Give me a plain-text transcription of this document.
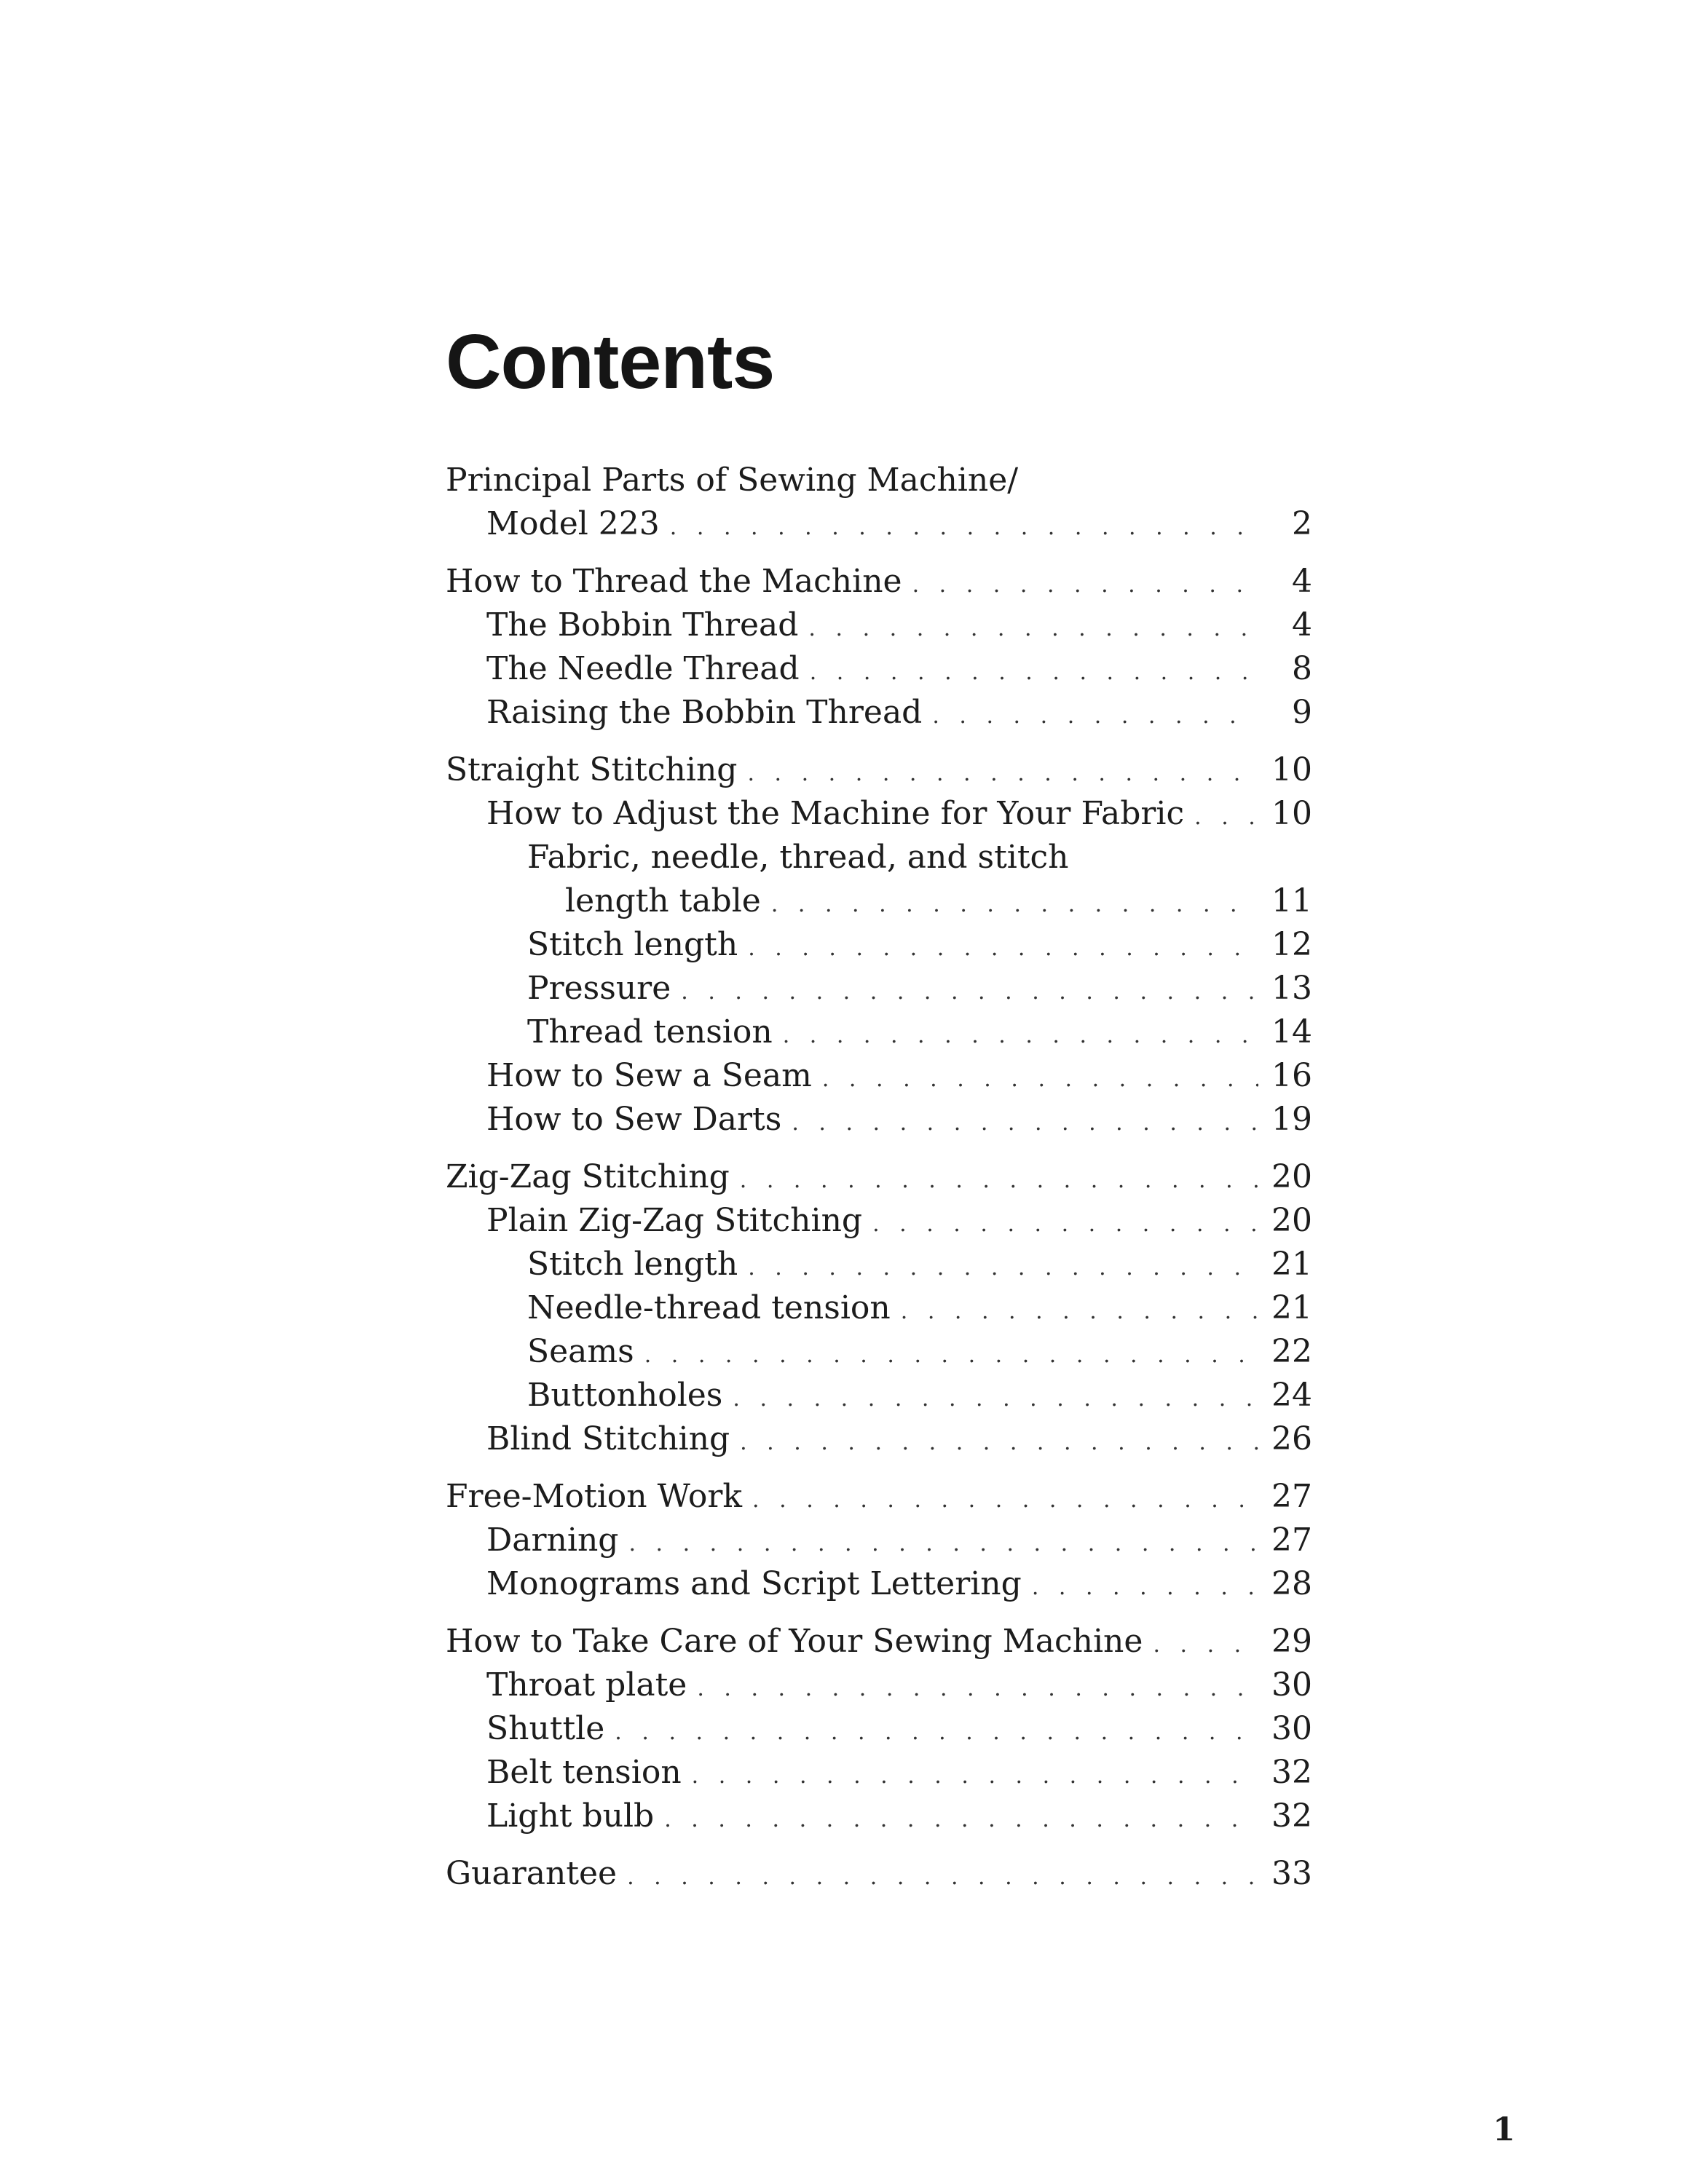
Contents
Principal Parts of Sewing Machine/
Model 223 . . .	2
How to Thread the Machine . . .	4
The Bobbin Thread . . .	4
The Needle Thread . . .	8
Raising the Bobbin Thread . . .	9
Straight Stitching . . .	10
How to Adjust the Machine for Your Fabric . . .	10
Fabric, needle, thread, and stitch
length table . . .	11
Stitch length . . .	12
Pressure . . .	13
Thread tension . . .	14
How to Sew a Seam . . .	16
How to Sew Darts . . .	19
Zig-Zag Stitching . . .	20
Plain Zig-Zag Stitching . . .	20
Stitch length . . .	21
Needle-thread tension . . .	21
Seams . . .	22
Buttonholes . . .	24
Blind Stitching . . .	26
Free-Motion Work . . .	27
Darning . . .	27
Monograms and Script Lettering . . .	28
How to Take Care of Your Sewing Machine . . .	29
Throat plate . . .	30
Shuttle . . .	30
Belt tension . . .	32
Light bulb . . .	32
Guarantee . . .	33
1
